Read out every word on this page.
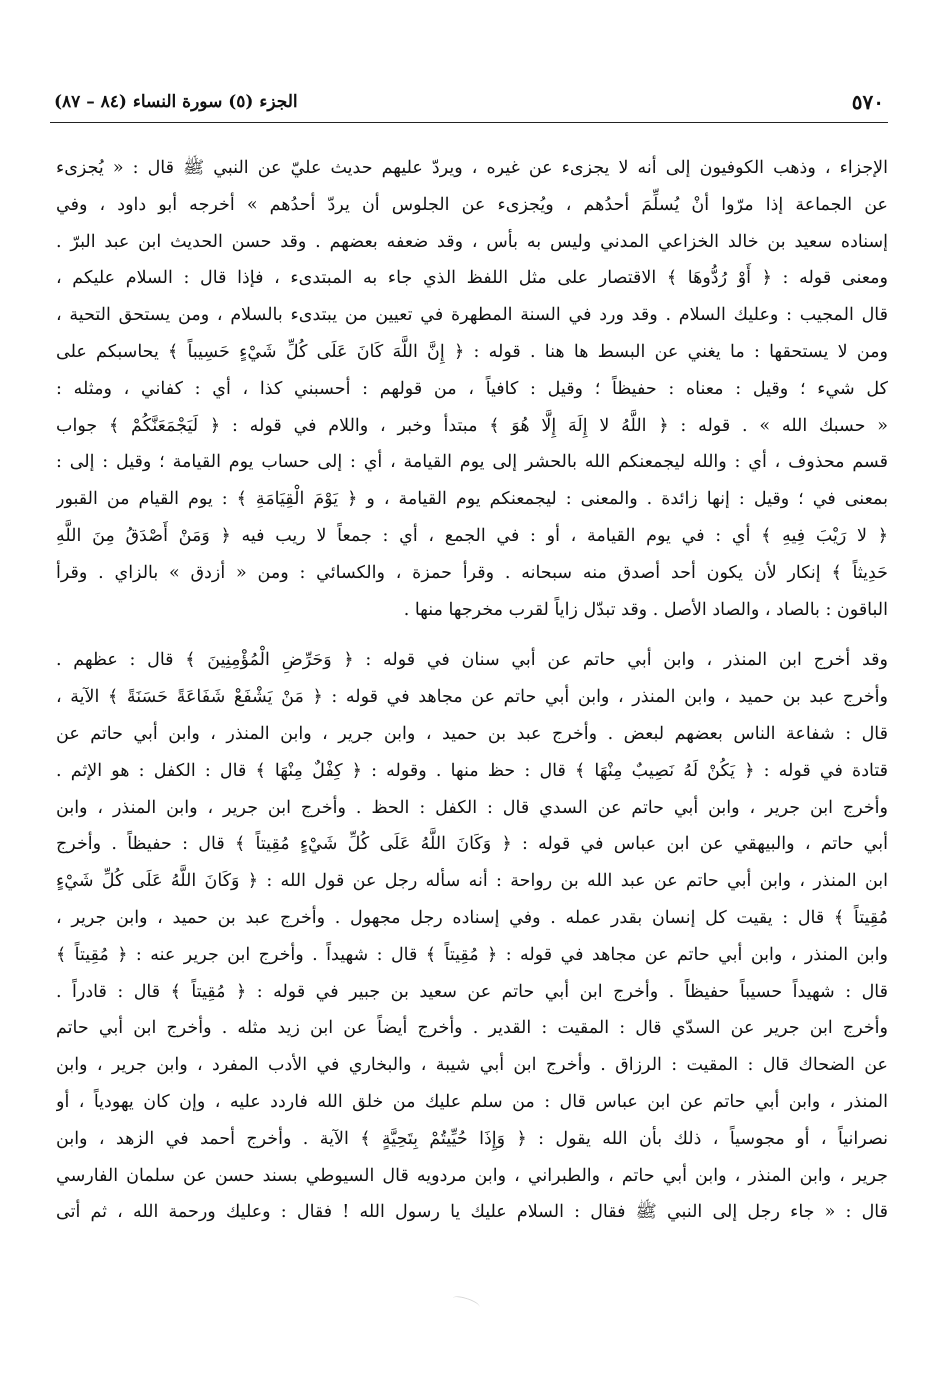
٥٧٠
الجزء (٥) سورة النساء (٨٤ – ٨٧)
الإجزاء ، وذهب الكوفيون إلى أنه لا يجزىء عن غيره ، ويردّ عليهم حديث عليّ عن النبي ﷺ قال : « يُجزىء
عن الجماعة إذا مرّوا أنْ يُسلِّمَ أحدُهم ، ويُجزىء عن الجلوس أن يردّ أحدُهم » أخرجه أبو داود ، وفي
إسناده سعيد بن خالد الخزاعي المدني وليس به بأس ، وقد ضعفه بعضهم . وقد حسن الحديث ابن عبد البرّ .
ومعنى قوله : ﴿ أَوْ رُدُّوهَا ﴾ الاقتصار على مثل اللفظ الذي جاء به المبتدىء ، فإذا قال : السلام عليكم ،
قال المجيب : وعليك السلام . وقد ورد في السنة المطهرة في تعيين من يبتدىء بالسلام ، ومن يستحق التحية ،
ومن لا يستحقها : ما يغني عن البسط ها هنا . قوله : ﴿ إِنَّ اللَّهَ كَانَ عَلَى كُلِّ شَيْءٍ حَسِيباً ﴾ يحاسبكم على
كل شيء ؛ وقيل : معناه : حفيظاً ؛ وقيل : كافياً ، من قولهم : أحسبني كذا ، أي : كفاني ، ومثله :
« حسبك الله » . قوله : ﴿ اللَّهُ لا إِلَهَ إِلَّا هُوَ ﴾ مبتدأ وخبر ، واللام في قوله : ﴿ لَيَجْمَعَنَّكُمْ ﴾ جواب
قسم محذوف ، أي : والله ليجمعنكم الله بالحشر إلى يوم القيامة ، أي : إلى حساب يوم القيامة ؛ وقيل : إلى :
بمعنى في ؛ وقيل : إنها زائدة . والمعنى : ليجمعنكم يوم القيامة ، و ﴿ يَوْمَ الْقِيَامَةِ ﴾ : يوم القيام من القبور
﴿ لا رَيْبَ فِيهِ ﴾ أي : في يوم القيامة ، أو : في الجمع ، أي : جمعاً لا ريب فيه ﴿ وَمَنْ أَصْدَقُ مِنَ اللَّهِ
حَدِيثاً ﴾ إنكار لأن يكون أحد أصدق منه سبحانه . وقرأ حمزة ، والكسائي : ومن « أزدق » بالزاي . وقرأ
الباقون : بالصاد ، والصاد الأصل . وقد تبدّل زاياً لقرب مخرجها منها .
وقد أخرج ابن المنذر ، وابن أبي حاتم عن أبي سنان في قوله : ﴿ وَحَرِّضِ الْمُؤْمِنِينَ ﴾ قال : عظهم .
وأخرج عبد بن حميد ، وابن المنذر ، وابن أبي حاتم عن مجاهد في قوله : ﴿ مَنْ يَشْفَعْ شَفَاعَةً حَسَنَةً ﴾ الآية ،
قال : شفاعة الناس بعضهم لبعض . وأخرج عبد بن حميد ، وابن جرير ، وابن المنذر ، وابن أبي حاتم عن
قتادة في قوله : ﴿ يَكُنْ لَهُ نَصِيبٌ مِنْهَا ﴾ قال : حظ منها . وقوله : ﴿ كِفْلٌ مِنْهَا ﴾ قال : الكفل : هو الإثم .
وأخرج ابن جرير ، وابن أبي حاتم عن السدي قال : الكفل : الحظ . وأخرج ابن جرير ، وابن المنذر ، وابن
أبي حاتم ، والبيهقي عن ابن عباس في قوله : ﴿ وَكَانَ اللَّهُ عَلَى كُلِّ شَيْءٍ مُقِيتاً ﴾ قال : حفيظاً . وأخرج
ابن المنذر ، وابن أبي حاتم عن عبد الله بن رواحة : أنه سأله رجل عن قول الله : ﴿ وَكَانَ اللَّهُ عَلَى كُلِّ شَيْءٍ
مُقِيتاً ﴾ قال : يقيت كل إنسان بقدر عمله . وفي إسناده رجل مجهول . وأخرج عبد بن حميد ، وابن جرير ،
وابن المنذر ، وابن أبي حاتم عن مجاهد في قوله : ﴿ مُقِيتاً ﴾ قال : شهيداً . وأخرج ابن جرير عنه : ﴿ مُقِيتاً ﴾
قال : شهيداً حسيباً حفيظاً . وأخرج ابن أبي حاتم عن سعيد بن جبير في قوله : ﴿ مُقِيتاً ﴾ قال : قادراً .
وأخرج ابن جرير عن السدّي قال : المقيت : القدير . وأخرج أيضاً عن ابن زيد مثله . وأخرج ابن أبي حاتم
عن الضحاك قال : المقيت : الرزاق . وأخرج ابن أبي شيبة ، والبخاري في الأدب المفرد ، وابن جرير ، وابن
المنذر ، وابن أبي حاتم عن ابن عباس قال : من سلم عليك من خلق الله فاردد عليه ، وإن كان يهودياً ، أو
نصرانياً ، أو مجوسياً ، ذلك بأن الله يقول : ﴿ وَإِذَا حُيِّيتُمْ بِتَحِيَّةٍ ﴾ الآية . وأخرج أحمد في الزهد ، وابن
جرير ، وابن المنذر ، وابن أبي حاتم ، والطبراني ، وابن مردويه قال السيوطي بسند حسن عن سلمان الفارسي
قال : « جاء رجل إلى النبي ﷺ فقال : السلام عليك يا رسول الله ! فقال : وعليك ورحمة الله ، ثم أتى
